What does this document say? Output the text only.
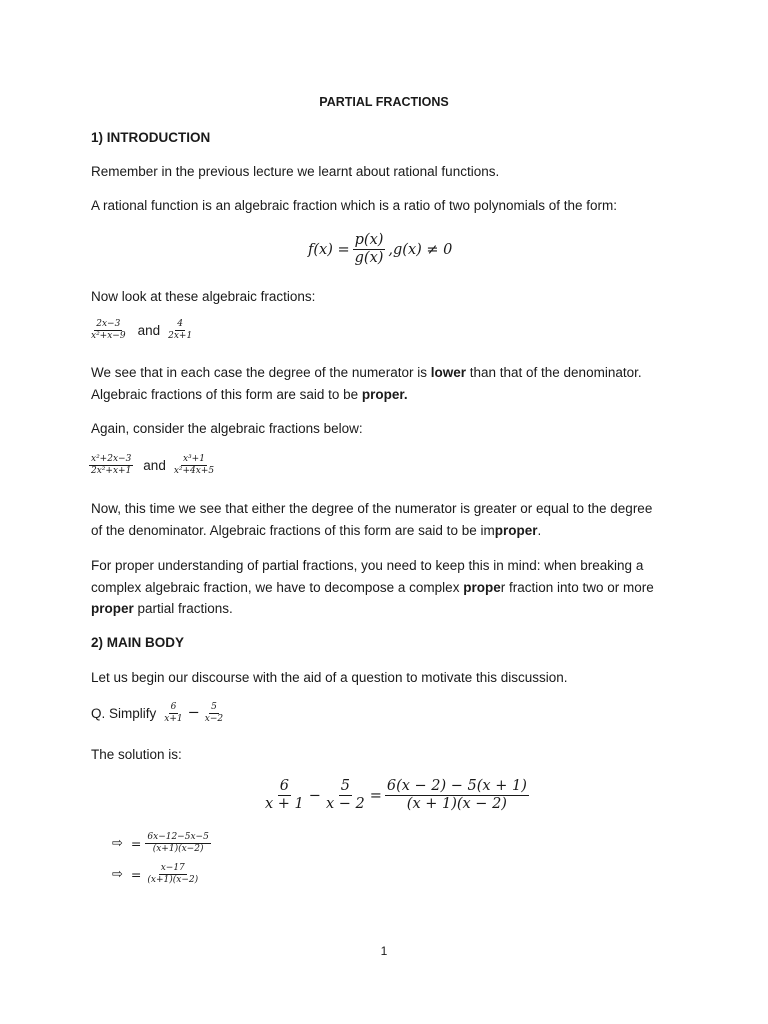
PARTIAL FRACTIONS
1) INTRODUCTION
Remember in the previous lecture we learnt about rational functions.
A rational function is an algebraic fraction which is a ratio of two polynomials of the form:
$f(x) = \frac{p(x)}{g(x)} ,g(x) \ne 0$
Now look at these algebraic fractions:
$\frac{2x-3}{\text{x²+x−9}}$ and $\frac{4}{2x+1}$
We see that in each case the degree of the numerator is lower than that of the denominator.
Algebraic fractions of this form are said to be proper.
Again, consider the algebraic fractions below:
$\frac{\text{x²+2x−3}}{\text{2x²+x+1}}$ and $\frac{\text{x³+1}}{\text{x²+4x+5}}$
Now, this time we see that either the degree of the numerator is greater or equal to the degree
of the denominator. Algebraic fractions of this form are said to be improper.
For proper understanding of partial fractions, you need to keep this in mind: when breaking a
complex algebraic fraction, we have to decompose a complex proper fraction into two or more
proper partial fractions.
2) MAIN BODY
Let us begin our discourse with the aid of a question to motivate this discussion.
Q. Simplify $\frac{6}{x+1} - \frac{5}{x-2}$
The solution is:
$\frac{6}{x + 1} - \frac{5}{x - 2} = \frac{6(x - 2) - 5(x + 1)}{(x + 1)(x - 2)}$
⇨ = $\frac{6x-12-5x-5}{(x+1)(x-2)}$
⇨ = $\frac{x-17}{(x+1)(x-2)}$
1
